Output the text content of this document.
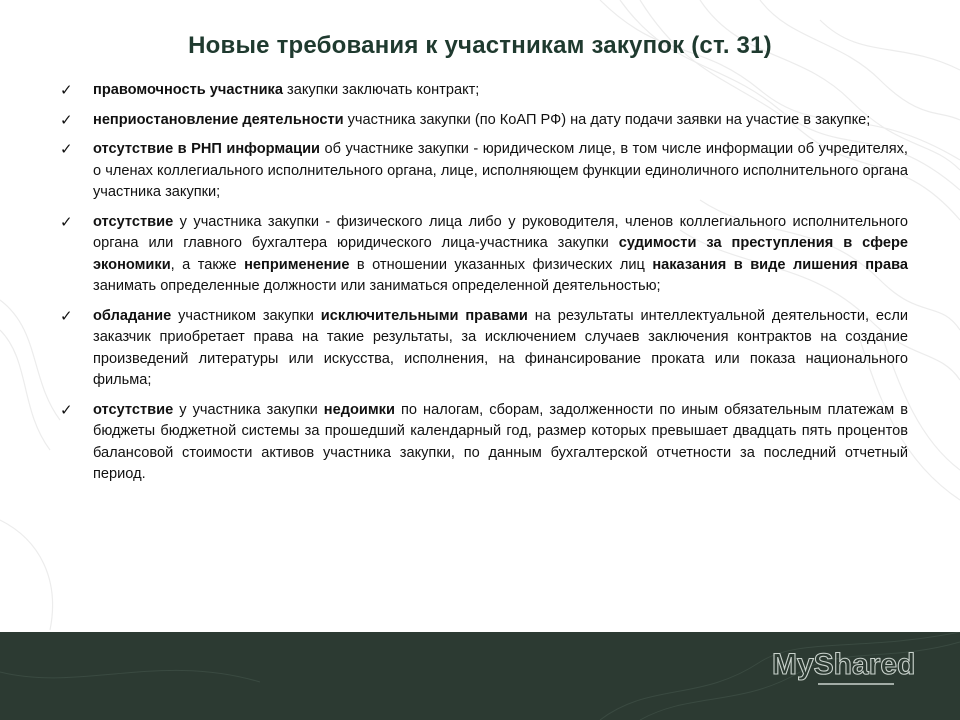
Новые требования к участникам закупок (ст. 31)
✓ правомочность участника закупки заключать контракт;
✓ неприостановление деятельности участника закупки (по КоАП РФ) на дату подачи заявки на участие в закупке;
✓ отсутствие в РНП информации об участнике закупки - юридическом лице, в том числе информации об учредителях, о членах коллегиального исполнительного органа, лице, исполняющем функции единоличного исполнительного органа участника закупки;
✓ отсутствие у участника закупки - физического лица либо у руководителя, членов коллегиального исполнительного органа или главного бухгалтера юридического лица-участника закупки судимости за преступления в сфере экономики, а также неприменение в отношении указанных физических лиц наказания в виде лишения права занимать определенные должности или заниматься определенной деятельностью;
✓ обладание участником закупки исключительными правами на результаты интеллектуальной деятельности, если заказчик приобретает права на такие результаты, за исключением случаев заключения контрактов на создание произведений литературы или искусства, исполнения, на финансирование проката или показа национального фильма;
✓ отсутствие у участника закупки недоимки по налогам, сборам, задолженности по иным обязательным платежам в бюджеты бюджетной системы за прошедший календарный год, размер которых превышает двадцать пять процентов балансовой стоимости активов участника закупки, по данным бухгалтерской отчетности за последний отчетный период.
MyShared
